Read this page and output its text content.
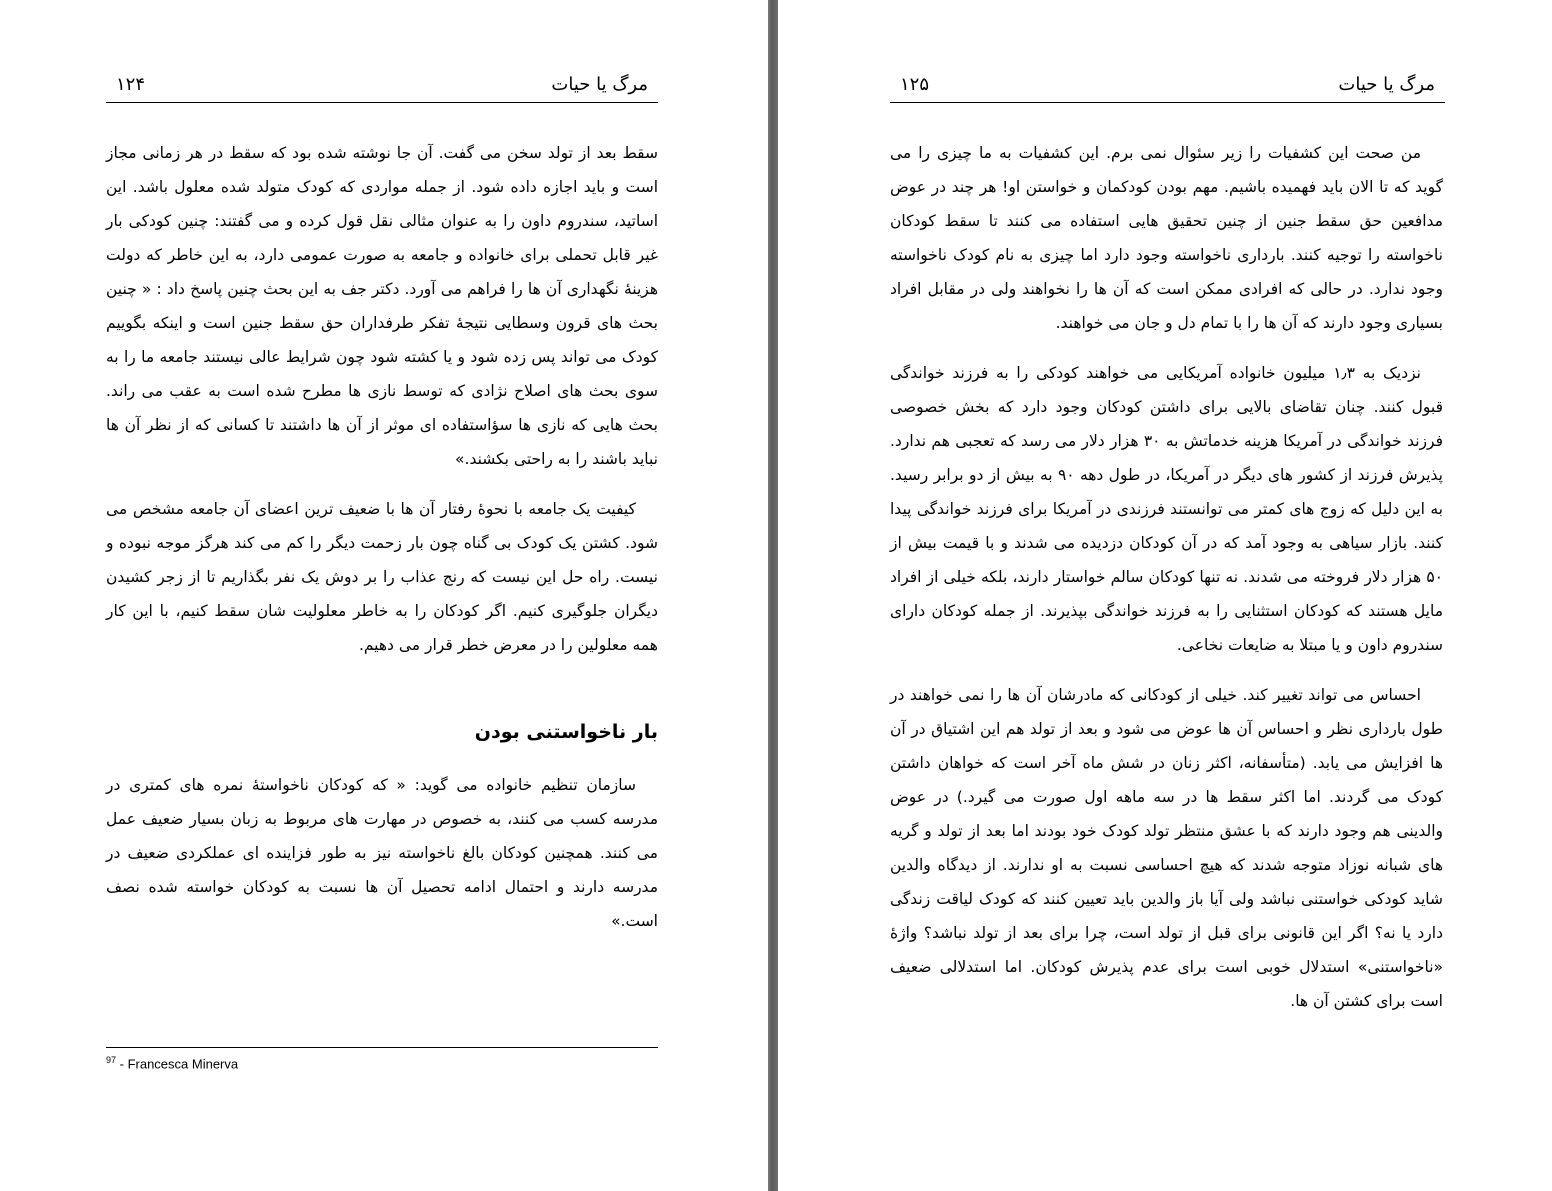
مرگ یا حیات
۱۲۴

سقط بعد از تولد سخن می گفت. آن جا نوشته شده بود که سقط در هر زمانی مجاز است و باید اجازه داده شود. از جمله مواردی که کودک متولد شده معلول باشد. این اساتید، سندروم داون را به عنوان مثالی نقل قول کرده و می گفتند: چنین کودکی بار غیر قابل تحملی برای خانواده و جامعه به صورت عمومی دارد، به این خاطر که دولت هزینۀ نگهداری آن ها را فراهم می آورد. دکتر جف به این بحث چنین پاسخ داد : « چنین بحث های قرون وسطایی نتیجۀ تفکر طرفداران حق سقط جنین است و اینکه بگوییم کودک می تواند پس زده شود و یا کشته شود چون شرایط عالی نیستند جامعه ما را به سوی بحث های اصلاح نژادی که توسط نازی ها مطرح شده است به عقب می راند. بحث هایی که نازی ها سؤاستفاده ای موثر از آن ها داشتند تا کسانی که از نظر آن ها نباید باشند را به راحتی بکشند.»

کیفیت یک جامعه با نحوۀ رفتار آن ها با ضعیف ترین اعضای آن جامعه مشخص می شود. کشتن یک کودک بی گناه چون بار زحمت دیگر را کم می کند هرگز موجه نبوده و نیست. راه حل این نیست که رنج عذاب را بر دوش یک نفر بگذاریم تا از زجر کشیدن دیگران جلوگیری کنیم. اگر کودکان را به خاطر معلولیت شان سقط کنیم، با این کار همه معلولین را در معرض خطر قرار می دهیم.

بار ناخواستنی بودن

سازمان تنظیم خانواده می گوید: « که کودکان ناخواستۀ نمره های کمتری در مدرسه کسب می کنند، به خصوص در مهارت های مربوط به زبان بسیار ضعیف عمل می کنند. همچنین کودکان بالغ ناخواسته نیز به طور فزاینده ای عملکردی ضعیف در مدرسه دارند و احتمال ادامه تحصیل آن ها نسبت به کودکان خواسته شده نصف است.»

$^{97}$ - Francesca Minerva
مرگ یا حیات
۱۲۵

من صحت این کشفیات را زیر سئوال نمی برم. این کشفیات به ما چیزی را می گوید که تا الان باید فهمیده باشیم. مهم بودن کودکمان و خواستن او! هر چند در عوض مدافعین حق سقط جنین از چنین تحقیق هایی استفاده می کنند تا سقط کودکان ناخواسته را توجیه کنند. بارداری ناخواسته وجود دارد اما چیزی به نام کودک ناخواسته وجود ندارد. در حالی که افرادی ممکن است که آن ها را نخواهند ولی در مقابل افراد بسیاری وجود دارند که آن ها را با تمام دل و جان می خواهند.

نزدیک به ۱٫۳ میلیون خانواده آمریکایی می خواهند کودکی را به فرزند خواندگی قبول کنند. چنان تقاضای بالایی برای داشتن کودکان وجود دارد که بخش خصوصی فرزند خواندگی در آمریکا هزینه خدماتش به ۳۰ هزار دلار می رسد که تعجبی هم ندارد. پذیرش فرزند از کشور های دیگر در آمریکا، در طول دهه ۹۰ به بیش از دو برابر رسید. به این دلیل که زوج های کمتر می توانستند فرزندی در آمریکا برای فرزند خواندگی پیدا کنند. بازار سیاهی به وجود آمد که در آن کودکان دزدیده می شدند و با قیمت بیش از ۵۰ هزار دلار فروخته می شدند. نه تنها کودکان سالم خواستار دارند، بلکه خیلی از افراد مایل هستند که کودکان استثنایی را به فرزند خواندگی بپذیرند. از جمله کودکان دارای سندروم داون و یا مبتلا به ضایعات نخاعی.

احساس می تواند تغییر کند. خیلی از کودکانی که مادرشان آن ها را نمی خواهند در طول بارداری نظر و احساس آن ها عوض می شود و بعد از تولد هم این اشتیاق در آن ها افزایش می یابد. (متأسفانه، اکثر زنان در شش ماه آخر است که خواهان داشتن کودک می گردند. اما اکثر سقط ها در سه ماهه اول صورت می گیرد.) در عوض والدینی هم وجود دارند که با عشق منتظر تولد کودک خود بودند اما بعد از تولد و گریه های شبانه نوزاد متوجه شدند که هیچ احساسی نسبت به او ندارند. از دیدگاه والدین شاید کودکی خواستنی نباشد ولی آیا باز والدین باید تعیین کنند که کودک لیاقت زندگی دارد یا نه؟ اگر این قانونی برای قبل از تولد است، چرا برای بعد از تولد نباشد؟ واژۀ «ناخواستنی» استدلال خوبی است برای عدم پذیرش کودکان. اما استدلالی ضعیف است برای کشتن آن ها.
